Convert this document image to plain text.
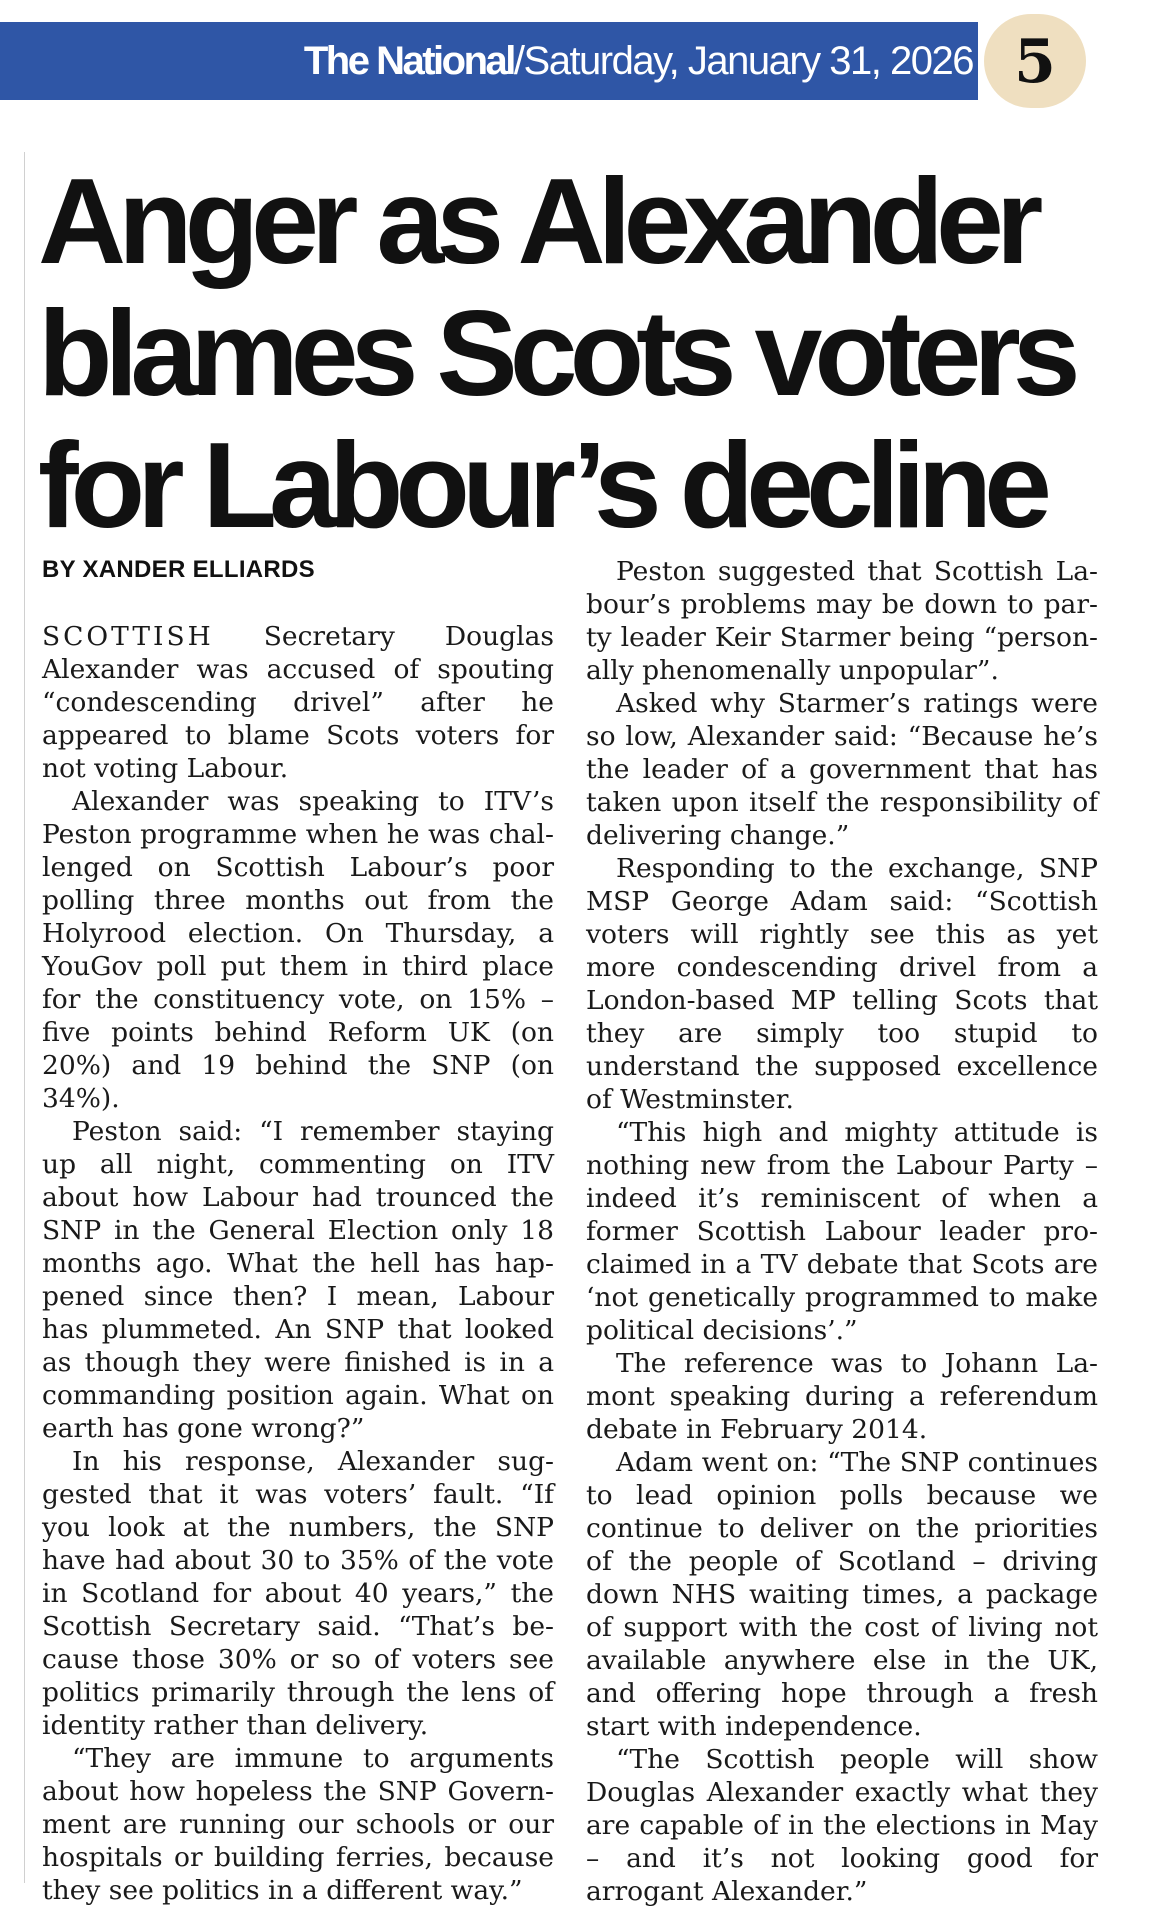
The National/Saturday, January 31, 2026 5
Anger as Alexander blames Scots voters for Labour’s decline
BY XANDER ELLIARDS

SCOTTISH Secretary Douglas Alexander was accused of spouting “condescending drivel” after he appeared to blame Scots voters for not voting Labour.

Alexander was speaking to ITV’s Peston programme when he was challenged on Scottish Labour’s poor polling three months out from the Holyrood election. On Thursday, a YouGov poll put them in third place for the constituency vote, on 15% – five points behind Reform UK (on 20%) and 19 behind the SNP (on 34%).

Peston said: “I remember staying up all night, commenting on ITV about how Labour had trounced the SNP in the General Election only 18 months ago. What the hell has happened since then? I mean, Labour has plummeted. An SNP that looked as though they were finished is in a commanding position again. What on earth has gone wrong?”

In his response, Alexander suggested that it was voters’ fault. “If you look at the numbers, the SNP have had about 30 to 35% of the vote in Scotland for about 40 years,” the Scottish Secretary said. “That’s because those 30% or so of voters see politics primarily through the lens of identity rather than delivery.

“They are immune to arguments about how hopeless the SNP Government are running our schools or our hospitals or building ferries, because they see politics in a different way.”

Peston suggested that Scottish Labour’s problems may be down to party leader Keir Starmer being “personally phenomenally unpopular”.

Asked why Starmer’s ratings were so low, Alexander said: “Because he’s the leader of a government that has taken upon itself the responsibility of delivering change.”

Responding to the exchange, SNP MSP George Adam said: “Scottish voters will rightly see this as yet more condescending drivel from a London-based MP telling Scots that they are simply too stupid to understand the supposed excellence of Westminster.

“This high and mighty attitude is nothing new from the Labour Party – indeed it’s reminiscent of when a former Scottish Labour leader proclaimed in a TV debate that Scots are ‘not genetically programmed to make political decisions’.”

The reference was to Johann Lamont speaking during a referendum debate in February 2014.

Adam went on: “The SNP continues to lead opinion polls because we continue to deliver on the priorities of the people of Scotland – driving down NHS waiting times, a package of support with the cost of living not available anywhere else in the UK, and offering hope through a fresh start with independence.

“The Scottish people will show Douglas Alexander exactly what they are capable of in the elections in May – and it’s not looking good for arrogant Alexander.”
